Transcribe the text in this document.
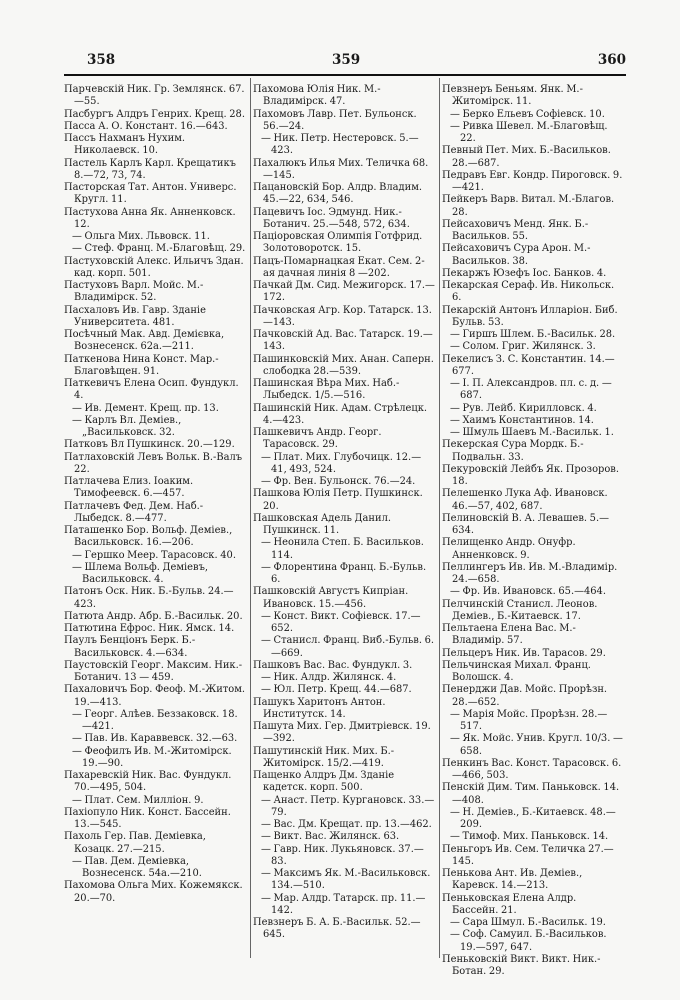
358	359	360
Парчевскій Ник. Гр. Землянск. 67.—55.
Пасбургъ Алдръ Генрих. Крещ. 28.
Пасса А. О. Констант. 16.—643.
Пассъ Нахманъ Нухим. Николаевск. 10.
Пастель Карлъ Карл. Крещатикъ 8.—72, 73, 74.
Пасторская Тат. Антон. Универс. Кругл. 11.
Пастухова Анна Як. Анненковск. 12.
— Ольга Мих. Львовск. 11.
— Стеф. Франц. М.-Благовѣщ. 29.
Пастуховскій Алекс. Ильичъ Здан. кад. корп. 501.
Пастуховъ Варл. Мойс. М.-Владимірск. 52.
Пасхаловъ Ив. Гавр. Зданіе Университета. 481.
Посѣчный Мак. Авд. Демієвка, Вознесенск. 62а.—211.
Паткенова Нина Конст. Мар.-Благовѣщен. 91.
Паткевичъ Елена Осип. Фундукл. 4.
— Ив. Демент. Крещ. пр. 13.
— Карлъ Вл. Деміев., „Васильковск. 32.
Патковъ Вл Пушкинск. 20.—129.
Патлаховскій Левъ Вольк. В.-Валъ 22.
Патлачева Елиз. Іоаким. Тимофеевск. 6.—457.
Патлачевъ Фед. Дем. Наб.-Лыбедск. 8.—477.
Паташенко Бор. Вольф. Деміев., Васильковск. 16.—206.
— Гершко Меер. Тарасовск. 40.
— Шлема Вольф. Деміевъ, Васильковск. 4.
Патонъ Оск. Ник. Б.-Бульв. 24.—423.
Патюта Андр. Абр. Б.-Васильк. 20.
Патютина Ефрос. Ник. Ямск. 14.
Паулъ Бенціонъ Берк. Б.-Васильковск. 4.—634.
Паустовскій Георг. Максим. Ник.-Ботанич. 13 — 459.
Пахаловичъ Бор. Феоф. М.-Житом. 19.—413.
— Георг. Алѣев. Бeззаковск. 18.—421.
— Пав. Ив. Караввевск. 32.—63.
— Феофилъ Ив. М.-Житомірск. 19.—90.
Пахаревскій Ник. Вас. Фундукл. 70.—495, 504.
— Плат. Сем. Милліон. 9.
Пахіопуло Ник. Конст. Бассейн. 13.—545.
Пахоль Гер. Пав. Деміевка, Козацк. 27.—215.
— Пав. Дем. Деміевка, Вознесенск. 54а.—210.
Пахомова Ольга Мих. Кожемякск. 20.—70.
Пахомова Юлія Ник. М.-Владимірск. 47.
Пахомовъ Лавр. Пет. Бульонск. 56.—24.
— Ник. Петр. Нестеровск. 5.—423.
Пахалюкъ Илья Мих. Теличка 68.—145.
Пацановскій Бор. Алдр. Владим. 45.—22, 634, 546.
Пацевичъ Іос. Эдмунд. Ник.-Ботанич. 25.—548, 572, 634.
Паціоровская Олимпія Готфрид. Золотоворотск. 15.
Пацъ-Помарнацкая Екат. Сем. 2-ая дачная линія 8 —202.
Пачкай Дм. Сид. Межигорск. 17.—172.
Пачковская Агр. Кор. Татарск. 13.—143.
Пачковскій Ад. Вас. Татарск. 19.—143.
Пашинковскій Мих. Анан. Саперн. слободка 28.—539.
Пашинская Вѣра Мих. Наб.-Лыбедск. 1/5.—516.
Пашинскій Ник. Адам. Стрѣлецк. 4.—423.
Пашкевичъ Андр. Георг. Тарасовск. 29.
— Плат. Мих. Глубочицк. 12.—41, 493, 524.
— Фр. Вен. Бульонск. 76.—24.
Пашкова Юлія Петр. Пушкинск. 20.
Пашковская Адель Данил. Пушкинск. 11.
— Неонила Степ. Б. Васильков. 114.
— Флорентина Франц. Б.-Бульв. 6.
Пашковскій Августъ Кипріан. Ивановск. 15.—456.
— Конст. Викт. Софіевск. 17.—652.
— Станисл. Франц. Виб.-Бульв. 6.—669.
Пашковъ Вас. Вас. Фундукл. 3.
— Ник. Алдр. Жилянск. 4.
— Юл. Петр. Крещ. 44.—687.
Пашукъ Харитонъ Антон. Институтск. 14.
Пашута Мих. Гер. Дмитріевск. 19.—392.
Пашутинскій Ник. Мих. Б.-Житомірск. 15/2.—419.
Пащенко Алдръ Дм. Зданіе кадетск. корп. 500.
— Анаст. Петр. Кургановск. 33.—79.
— Вас. Дм. Крещат. пр. 13.—462.
— Викт. Вас. Жилянск. 63.
— Гавр. Ник. Лукьяновск. 37.—83.
— Максимъ Як. М.-Васильковск. 134.—510.
— Мар. Алдр. Татарск. пр. 11.—142.
Певзнеръ Б. А. Б.-Васильк. 52.—645.
Певзнеръ Беньям. Янк. М.-Житомірск. 11.
— Берко Ельевъ Софіевск. 10.
— Ривка Шевел. М.-Благовѣщ. 22.
Певный Пет. Мих. Б.-Васильков. 28.—687.
Педравъ Евг. Кондр. Пироговск. 9.—421.
Пейкеръ Варв. Витал. М.-Благов. 28.
Пейсаховичъ Менд. Янк. Б.-Васильков. 55.
Пейсаховичъ Сура Арон. М.-Васильков. 38.
Пекаржъ Юзефъ Іос. Банков. 4.
Пекарская Сераф. Ив. Никольск. 6.
Пекарскій Антонъ Илларіон. Биб. Бульв. 53.
— Гиршъ Шлем. Б.-Васильк. 28.
— Солом. Григ. Жилянск. 3.
Пекелисъ З. С. Константин. 14.—677.
— І. П. Александров. пл. с. д. —687.
— Рув. Лейб. Кирилловск. 4.
— Хаимъ Константинов. 14.
— Шмуль Шаевъ М.-Васильк. 1.
Пекерская Сура Мордк. Б.-Подвальн. 33.
Пекуровскій Лейбъ Як. Прозоров. 18.
Пелешенко Лука Аф. Ивановск. 46.—57, 402, 687.
Пелиновскій В. А. Левашев. 5.—634.
Пелищенко Андр. Онуфр. Анненковск. 9.
Пеллингеръ Ив. Ив. М.-Владимір. 24.—658.
— Фр. Ив. Ивановск. 65.—464.
Пелчинскій Станисл. Леонов. Деміев., Б.-Китаевск. 17.
Пельтаена Елена Вас. М.-Владимір. 57.
Пельцеръ Ник. Ив. Тарасов. 29.
Пельчинская Михал. Франц. Волошск. 4.
Пенерджи Дав. Мойс. Прорѣзн. 28.—652.
— Марія Мойс. Прорѣзн. 28.—517.
— Як. Мойс. Унив. Кругл. 10/3. —658.
Пенкинъ Вас. Конст. Тарасовск. 6.—466, 503.
Пенскій Дим. Тим. Паньковск. 14. —408.
— Н. Деміев., Б.-Китаевск. 48.—209.
— Тимоф. Мих. Паньковск. 14.
Пеньгоръ Ив. Сем. Теличка 27.—145.
Пенькова Ант. Ив. Деміев., Каревск. 14.—213.
Пеньковская Елена Алдр. Бассейн. 21.
— Сара Шмул. Б.-Васильк. 19.
— Соф. Самуил. Б.-Васильков. 19.—597, 647.
Пеньковскій Викт. Викт. Ник.-Ботан. 29.
